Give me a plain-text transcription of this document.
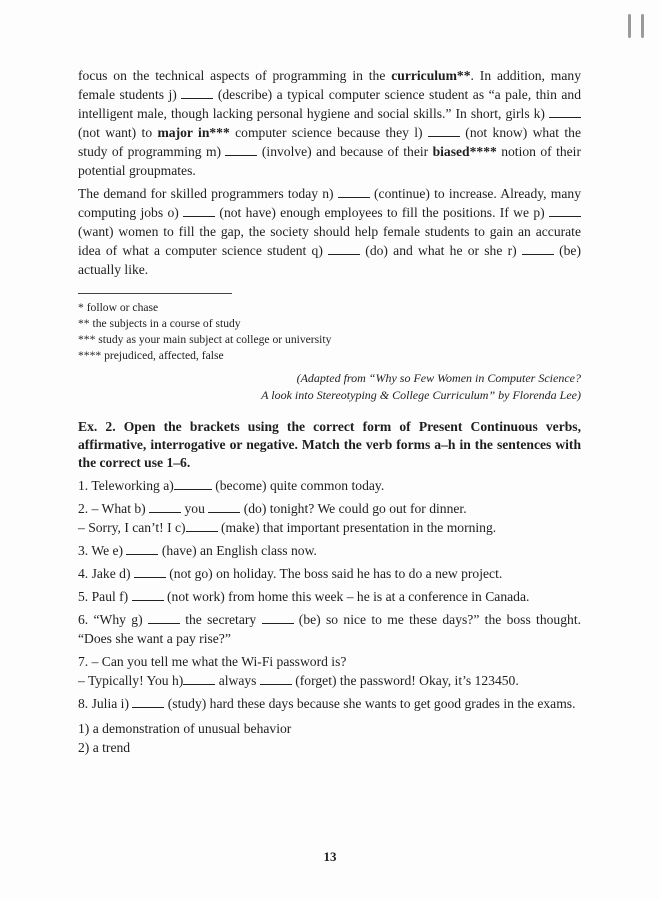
focus on the technical aspects of programming in the curriculum**. In addition, many female students j)  (describe) a typical computer science student as “a pale, thin and intelligent male, though lacking personal hygiene and social skills.” In short, girls k)  (not want) to major in*** computer science because they l)  (not know) what the study of programming m)  (involve) and because of their biased**** notion of their potential groupmates.

The demand for skilled programmers today n)  (continue) to increase. Already, many computing jobs o)  (not have) enough employees to fill the positions. If we p)  (want) women to fill the gap, the society should help female students to gain an accurate idea of what a computer science student q)  (do) and what he or she r)  (be) actually like.

* follow or chase
** the subjects in a course of study
*** study as your main subject at college or university
**** prejudiced, affected, false
(Adapted from “Why so Few Women in Computer Science?
A look into Stereotyping & College Curriculum” by Florenda Lee)
Ex. 2. Open the brackets using the correct form of Present Continuous verbs, affirmative, interrogative or negative. Match the verb forms a–h in the sentences with the correct use 1–6.
1. Teleworking a)	(become) quite common today.
2. – What b)  you  (do) tonight? We could go out for dinner.
– Sorry, I can’t! I c) (make) that important presentation in the morning.
3. We e)  (have) an English class now.
4. Jake d)  (not go) on holiday. The boss said he has to do a new project.
5. Paul f)  (not work) from home this week – he is at a conference in Canada.
6. “Why g)  the secretary  (be) so nice to me these days?” the boss thought. “Does she want a pay rise?”
7. – Can you tell me what the Wi-Fi password is?
– Typically! You h) always  (forget) the password! Okay, it’s 123450.
8. Julia i)  (study) hard these days because she wants to get good grades in the exams.
1) a demonstration of unusual behavior
2) a trend
13
